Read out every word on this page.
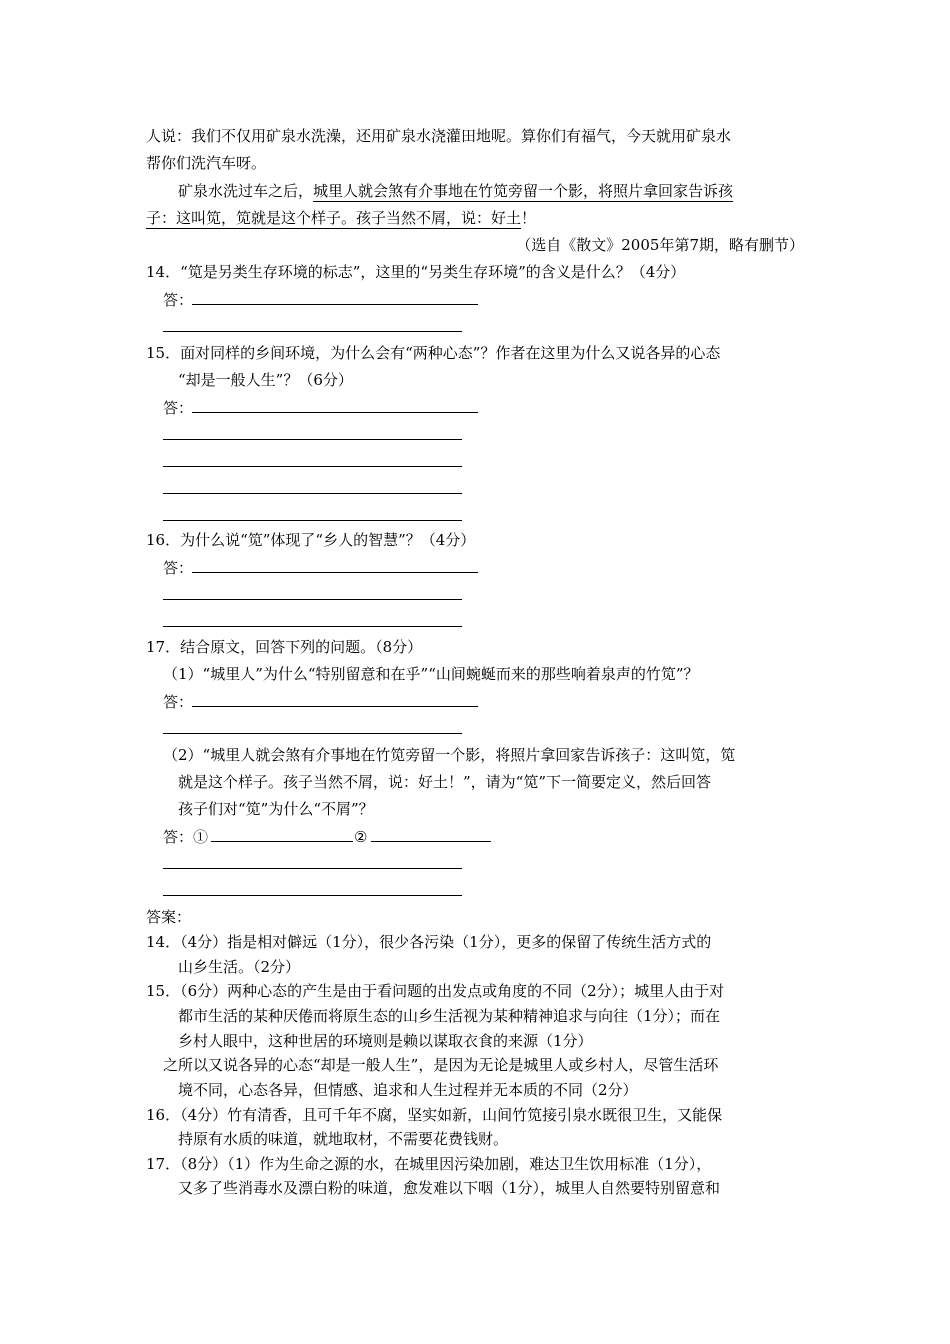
人说：我们不仅用矿泉水洗澡，还用矿泉水浇灌田地呢。算你们有福气，今天就用矿泉水
帮你们洗汽车呀。
矿泉水洗过车之后，城里人就会煞有介事地在竹笕旁留一个影，将照片拿回家告诉孩
子：这叫笕，笕就是这个样子。孩子当然不屑，说：好土！
（选自《散文》2005年第7期，略有删节）
14．“笕是另类生存环境的标志”，这里的“另类生存环境”的含义是什么？（4分）
答：
15．面对同样的乡间环境，为什么会有“两种心态”？作者在这里为什么又说各异的心态
“却是一般人生”？（6分）
答：
16．为什么说“笕”体现了“乡人的智慧”？（4分）
答：
17．结合原文，回答下列的问题。（8分）
（1）“城里人”为什么“特别留意和在乎”“山间蜿蜒而来的那些响着泉声的竹笕”？
答：
（2）“城里人就会煞有介事地在竹笕旁留一个影，将照片拿回家告诉孩子：这叫笕，笕
就是这个样子。孩子当然不屑，说：好土！”，请为“笕”下一简要定义，然后回答
孩子们对“笕”为什么“不屑”？
答：①	②
答案：
14．（4分）指是相对僻远（1分），很少各污染（1分），更多的保留了传统生活方式的
山乡生活。（2分）
15．（6分）两种心态的产生是由于看问题的出发点或角度的不同（2分）；城里人由于对
都市生活的某种厌倦而将原生态的山乡生活视为某种精神追求与向往（1分）；而在
乡村人眼中，这种世居的环境则是赖以谋取衣食的来源（1分）
之所以又说各异的心态“却是一般人生”，是因为无论是城里人或乡村人，尽管生活环
境不同，心态各异，但情感、追求和人生过程并无本质的不同（2分）
16．（4分）竹有清香，且可千年不腐，坚实如新，山间竹笕接引泉水既很卫生，又能保
持原有水质的味道，就地取材，不需要花费钱财。
17．（8分）（1）作为生命之源的水，在城里因污染加剧，难达卫生饮用标准（1分），
又多了些消毒水及漂白粉的味道，愈发难以下咽（1分），城里人自然要特别留意和
